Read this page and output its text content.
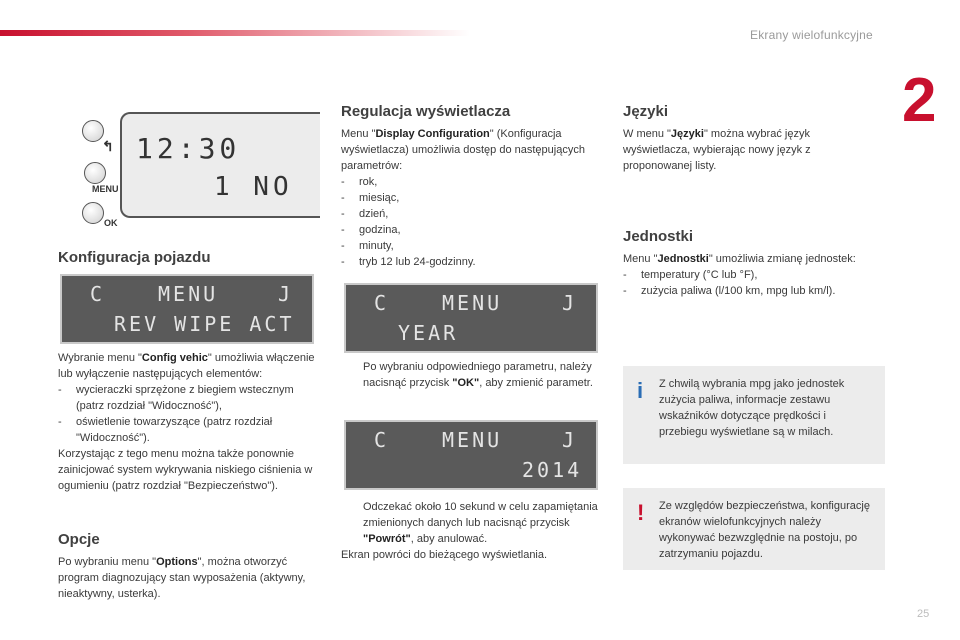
Ekrany wielofunkcyjne
2
25
↰
MENU
OK
12:30
1 NO
Konfiguracja pojazdu
C	MENU	J
REV WIPE ACT
Wybranie menu "Config vehic" umożliwia włączenie lub wyłączenie następujących elementów:
-	wycieraczki sprzężone z biegiem wstecznym (patrz rozdział "Widoczność"),
-	oświetlenie towarzyszące (patrz rozdział "Widoczność").
Korzystając z tego menu można także ponownie zainicjować system wykrywania niskiego ciśnienia w ogumieniu (patrz rozdział "Bezpieczeństwo").
Opcje
Po wybraniu menu "Options", można otworzyć program diagnozujący stan wyposażenia (aktywny, nieaktywny, usterka).
Regulacja wyświetlacza
Menu "Display Configuration" (Konfiguracja wyświetlacza) umożliwia dostęp do następujących parametrów:
-	rok,
-	miesiąc,
-	dzień,
-	godzina,
-	minuty,
-	tryb 12 lub 24-godzinny.
C	MENU	J
YEAR
Po wybraniu odpowiedniego parametru, należy nacisnąć przycisk "OK", aby zmienić parametr.
C	MENU	J
2014
Odczekać około 10 sekund w celu zapamiętania zmienionych danych lub nacisnąć przycisk "Powrót", aby anulować.
Ekran powróci do bieżącego wyświetlania.
Języki
W menu "Języki" można wybrać język wyświetlacza, wybierając nowy język z proponowanej listy.
Jednostki
Menu "Jednostki" umożliwia zmianę jednostek:
-	temperatury (°C lub °F),
-	zużycia paliwa (l/100 km, mpg lub km/l).
i Z chwilą wybrania mpg jako jednostek zużycia paliwa, informacje zestawu wskaźników dotyczące prędkości i przebiegu wyświetlane są w milach.
! Ze względów bezpieczeństwa, konfigurację ekranów wielofunkcyjnych należy wykonywać bezwzględnie na postoju, po zatrzymaniu pojazdu.
